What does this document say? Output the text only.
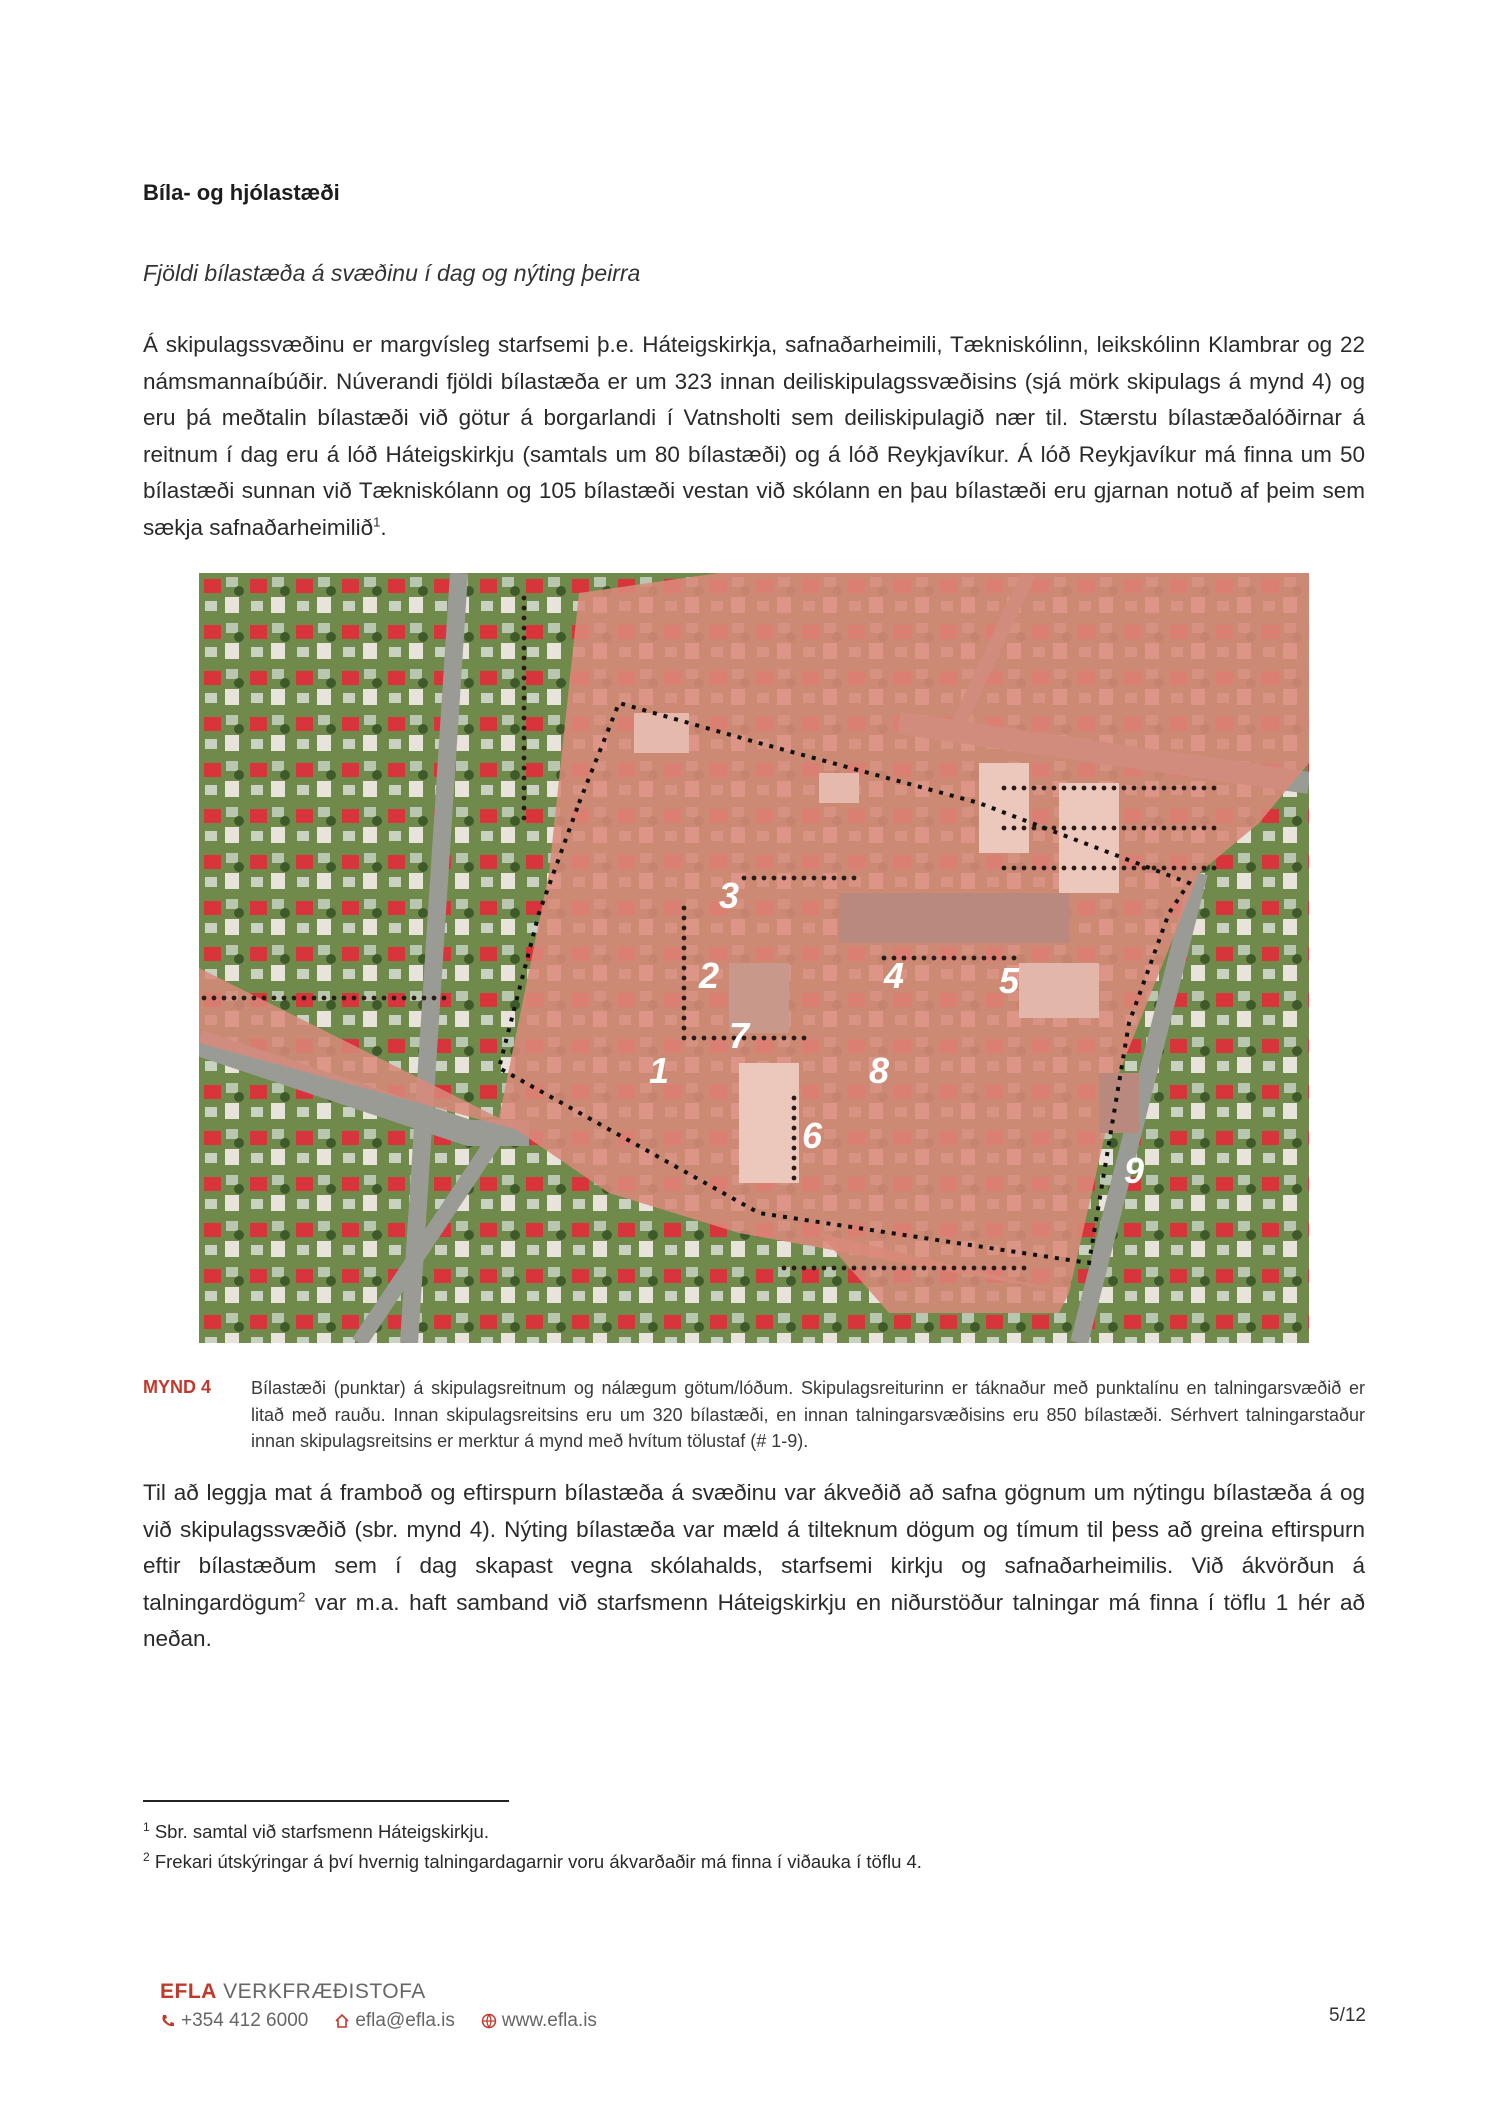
Bíla- og hjólastæði
Fjöldi bílastæða á svæðinu í dag og nýting þeirra
Á skipulagssvæðinu er margvísleg starfsemi þ.e. Háteigskirkja, safnaðarheimili, Tækniskólinn, leikskólinn Klambrar og 22 námsmannaíbúðir. Núverandi fjöldi bílastæða er um 323 innan deiliskipulagssvæðisins (sjá mörk skipulags á mynd 4) og eru þá meðtalin bílastæði við götur á borgarlandi í Vatnsholti sem deiliskipulagið nær til. Stærstu bílastæðalóðirnar á reitnum í dag eru á lóð Háteigskirkju (samtals um 80 bílastæði) og á lóð Reykjavíkur. Á lóð Reykjavíkur má finna um 50 bílastæði sunnan við Tækniskólann og 105 bílastæði vestan við skólann en þau bílastæði eru gjarnan notuð af þeim sem sækja safnaðarheimilið$^1$.
1
2
3
4	5
6
7
8
9
MYND 4 Bílastæði (punktar) á skipulagsreitnum og nálægum götum/lóðum. Skipulagsreiturinn er táknaður með punktalínu en talningarsvæðið er litað með rauðu. Innan skipulagsreitsins eru um 320 bílastæði, en innan talningarsvæðisins eru 850 bílastæði. Sérhvert talningarstaður innan skipulagsreitsins er merktur á mynd með hvítum tölustaf (# 1-9).
Til að leggja mat á framboð og eftirspurn bílastæða á svæðinu var ákveðið að safna gögnum um nýtingu bílastæða á og við skipulagssvæðið (sbr. mynd 4). Nýting bílastæða var mæld á tilteknum dögum og tímum til þess að greina eftirspurn eftir bílastæðum sem í dag skapast vegna skólahalds, starfsemi kirkju og safnaðarheimilis. Við ákvörðun á talningardögum$^2$ var m.a. haft samband við starfsmenn Háteigskirkju en niðurstöður talningar má finna í töflu 1 hér að neðan.
$^1$ Sbr. samtal við starfsmenn Háteigskirkju.
$^2$ Frekari útskýringar á því hvernig talningardagarnir voru ákvarðaðir má finna í viðauka í töflu 4.
EFLA VERKFRÆÐISTOFA
+354 412 6000 efla@efla.is www.efla.is	5/12
